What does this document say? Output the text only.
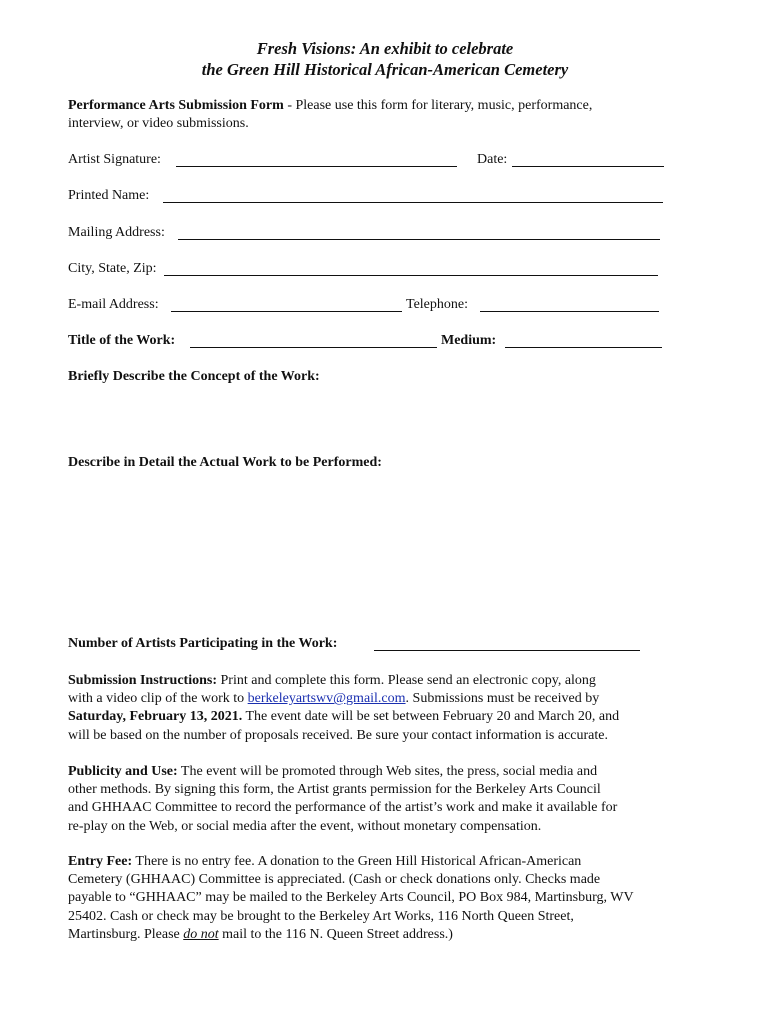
Fresh Visions: An exhibit to celebrate
the Green Hill Historical African-American Cemetery
Performance Arts Submission Form - Please use this form for literary, music, performance,
interview, or video submissions.
Artist Signature:	Date:
Printed Name:
Mailing Address:
City, State, Zip:
E-mail Address:	Telephone:
Title of the Work:	Medium:
Briefly Describe the Concept of the Work:
Describe in Detail the Actual Work to be Performed:
Number of Artists Participating in the Work:
Submission Instructions: Print and complete this form. Please send an electronic copy, along
with a video clip of the work to berkeleyartswv@gmail.com. Submissions must be received by
Saturday, February 13, 2021. The event date will be set between February 20 and March 20, and
will be based on the number of proposals received. Be sure your contact information is accurate.
Publicity and Use: The event will be promoted through Web sites, the press, social media and
other methods. By signing this form, the Artist grants permission for the Berkeley Arts Council
and GHHAAC Committee to record the performance of the artist’s work and make it available for
re-play on the Web, or social media after the event, without monetary compensation.
Entry Fee: There is no entry fee. A donation to the Green Hill Historical African-American
Cemetery (GHHAAC) Committee is appreciated. (Cash or check donations only. Checks made
payable to “GHHAAC” may be mailed to the Berkeley Arts Council, PO Box 984, Martinsburg, WV
25402. Cash or check may be brought to the Berkeley Art Works, 116 North Queen Street,
Martinsburg. Please do not mail to the 116 N. Queen Street address.)
